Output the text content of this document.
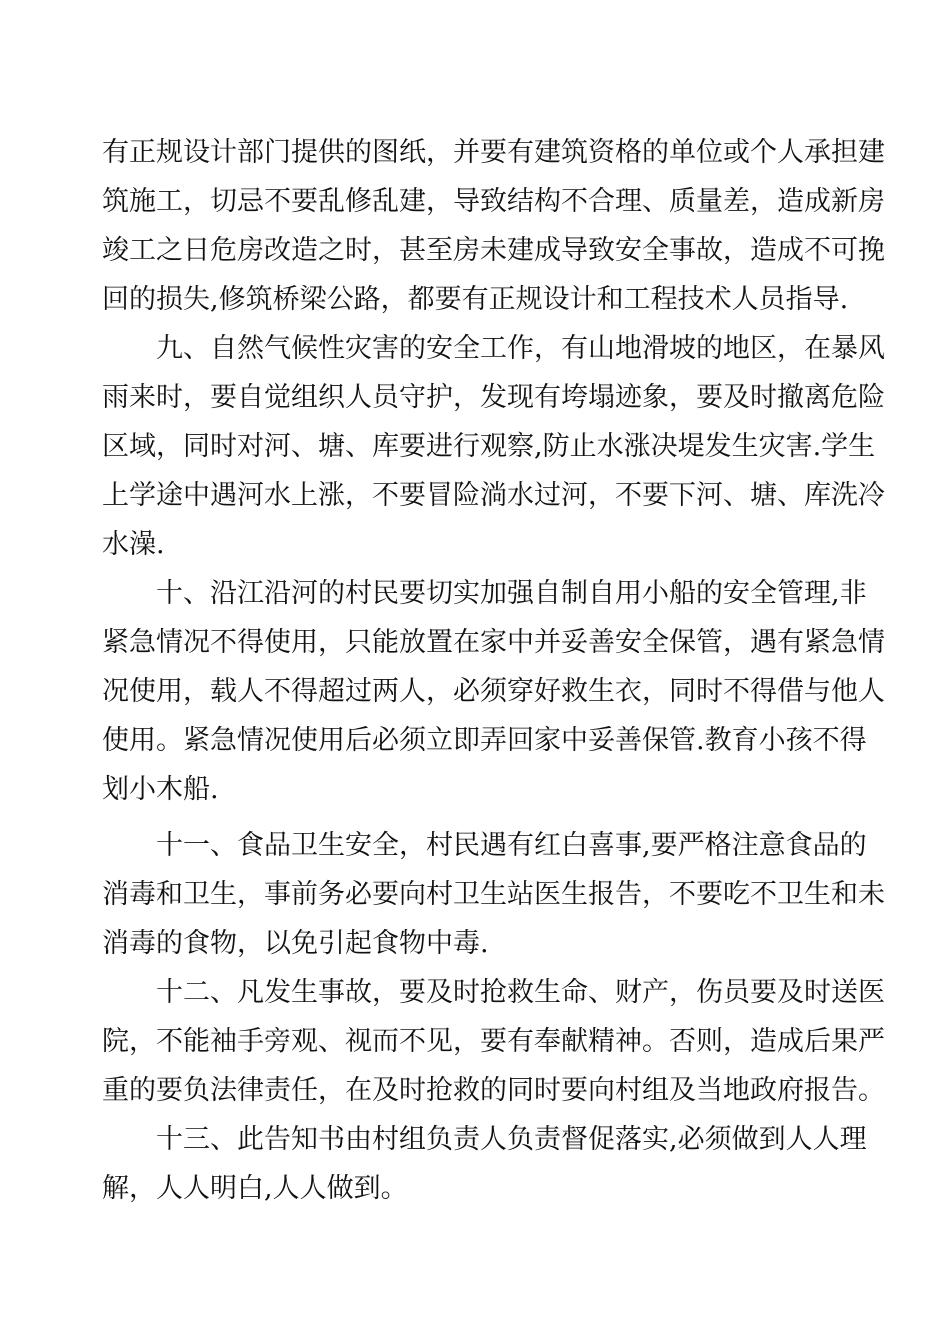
有正规设计部门提供的图纸，并要有建筑资格的单位或个人承担建
筑施工，切忌不要乱修乱建，导致结构不合理、质量差，造成新房
竣工之日危房改造之时，甚至房未建成导致安全事故，造成不可挽
回的损失,修筑桥梁公路，都要有正规设计和工程技术人员指导.
九、自然气候性灾害的安全工作，有山地滑坡的地区，在暴风
雨来时，要自觉组织人员守护，发现有垮塌迹象，要及时撤离危险
区域，同时对河、塘、库要进行观察,防止水涨决堤发生灾害.学生
上学途中遇河水上涨，不要冒险淌水过河，不要下河、塘、库洗冷
水澡.
十、沿江沿河的村民要切实加强自制自用小船的安全管理,非
紧急情况不得使用，只能放置在家中并妥善安全保管，遇有紧急情
况使用，载人不得超过两人，必须穿好救生衣，同时不得借与他人
使用。紧急情况使用后必须立即弄回家中妥善保管.教育小孩不得
划小木船.
十一、食品卫生安全，村民遇有红白喜事,要严格注意食品的
消毒和卫生，事前务必要向村卫生站医生报告，不要吃不卫生和未
消毒的食物，以免引起食物中毒.
十二、凡发生事故，要及时抢救生命、财产，伤员要及时送医
院，不能袖手旁观、视而不见，要有奉献精神。否则，造成后果严
重的要负法律责任，在及时抢救的同时要向村组及当地政府报告。
十三、此告知书由村组负责人负责督促落实,必须做到人人理
解，人人明白,人人做到。
